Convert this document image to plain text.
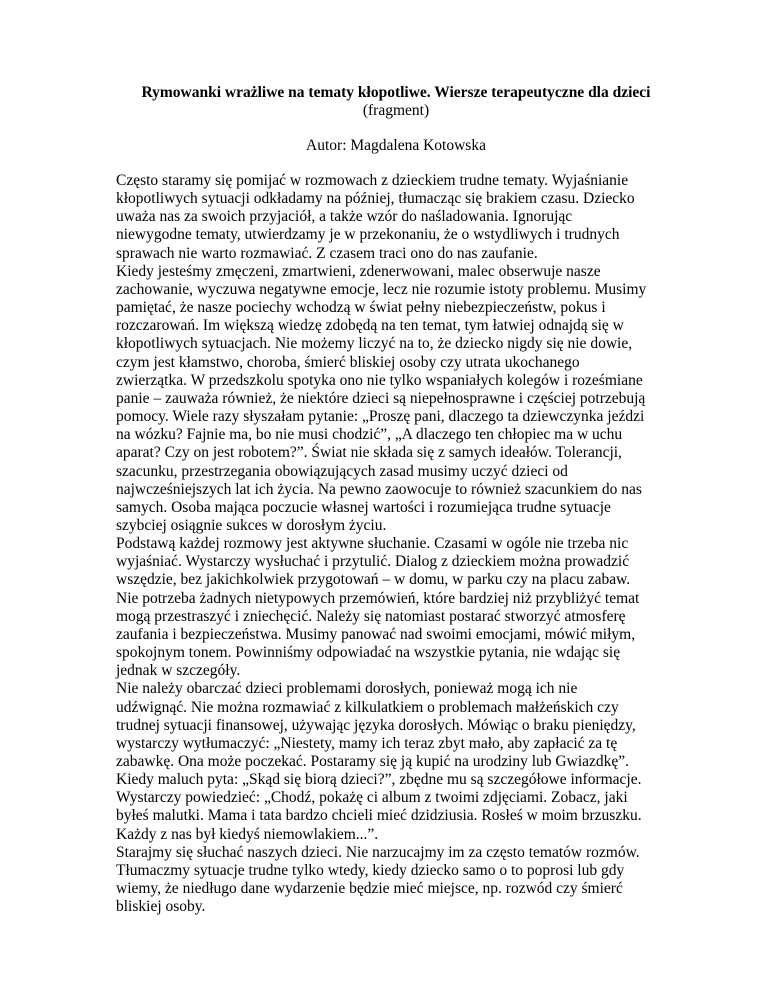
Rymowanki wrażliwe na tematy kłopotliwe. Wiersze terapeutyczne dla dzieci

(fragment)

Autor: Magdalena Kotowska

Często staramy się pomijać w rozmowach z dzieckiem trudne tematy. Wyjaśnianie
kłopotliwych sytuacji odkładamy na później, tłumacząc się brakiem czasu. Dziecko
uważa nas za swoich przyjaciół, a także wzór do naśladowania. Ignorując
niewygodne tematy, utwierdzamy je w przekonaniu, że o wstydliwych i trudnych
sprawach nie warto rozmawiać. Z czasem traci ono do nas zaufanie.
Kiedy jesteśmy zmęczeni, zmartwieni, zdenerwowani, malec obserwuje nasze
zachowanie, wyczuwa negatywne emocje, lecz nie rozumie istoty problemu. Musimy
pamiętać, że nasze pociechy wchodzą w świat pełny niebezpieczeństw, pokus i
rozczarowań. Im większą wiedzę zdobędą na ten temat, tym łatwiej odnajdą się w
kłopotliwych sytuacjach. Nie możemy liczyć na to, że dziecko nigdy się nie dowie,
czym jest kłamstwo, choroba, śmierć bliskiej osoby czy utrata ukochanego
zwierzątka. W przedszkolu spotyka ono nie tylko wspaniałych kolegów i roześmiane
panie – zauważa również, że niektóre dzieci są niepełnosprawne i częściej potrzebują
pomocy. Wiele razy słyszałam pytanie: „Proszę pani, dlaczego ta dziewczynka jeździ
na wózku? Fajnie ma, bo nie musi chodzić”, „A dlaczego ten chłopiec ma w uchu
aparat? Czy on jest robotem?”. Świat nie składa się z samych ideałów. Tolerancji,
szacunku, przestrzegania obowiązujących zasad musimy uczyć dzieci od
najwcześniejszych lat ich życia. Na pewno zaowocuje to również szacunkiem do nas
samych. Osoba mająca poczucie własnej wartości i rozumiejąca trudne sytuacje
szybciej osiągnie sukces w dorosłym życiu.
Podstawą każdej rozmowy jest aktywne słuchanie. Czasami w ogóle nie trzeba nic
wyjaśniać. Wystarczy wysłuchać i przytulić. Dialog z dzieckiem można prowadzić
wszędzie, bez jakichkolwiek przygotowań – w domu, w parku czy na placu zabaw.
Nie potrzeba żadnych nietypowych przemówień, które bardziej niż przybliżyć temat
mogą przestraszyć i zniechęcić. Należy się natomiast postarać stworzyć atmosferę
zaufania i bezpieczeństwa. Musimy panować nad swoimi emocjami, mówić miłym,
spokojnym tonem. Powinniśmy odpowiadać na wszystkie pytania, nie wdając się
jednak w szczegóły.
Nie należy obarczać dzieci problemami dorosłych, ponieważ mogą ich nie
udźwignąć. Nie można rozmawiać z kilkulatkiem o problemach małżeńskich czy
trudnej sytuacji finansowej, używając języka dorosłych. Mówiąc o braku pieniędzy,
wystarczy wytłumaczyć: „Niestety, mamy ich teraz zbyt mało, aby zapłacić za tę
zabawkę. Ona może poczekać. Postaramy się ją kupić na urodziny lub Gwiazdkę”.
Kiedy maluch pyta: „Skąd się biorą dzieci?”, zbędne mu są szczegółowe informacje.
Wystarczy powiedzieć: „Chodź, pokażę ci album z twoimi zdjęciami. Zobacz, jaki
byłeś malutki. Mama i tata bardzo chcieli mieć dzidziusia. Rosłeś w moim brzuszku.
Każdy z nas był kiedyś niemowlakiem...”.
Starajmy się słuchać naszych dzieci. Nie narzucajmy im za często tematów rozmów.
Tłumaczmy sytuacje trudne tylko wtedy, kiedy dziecko samo o to poprosi lub gdy
wiemy, że niedługo dane wydarzenie będzie mieć miejsce, np. rozwód czy śmierć
bliskiej osoby.
